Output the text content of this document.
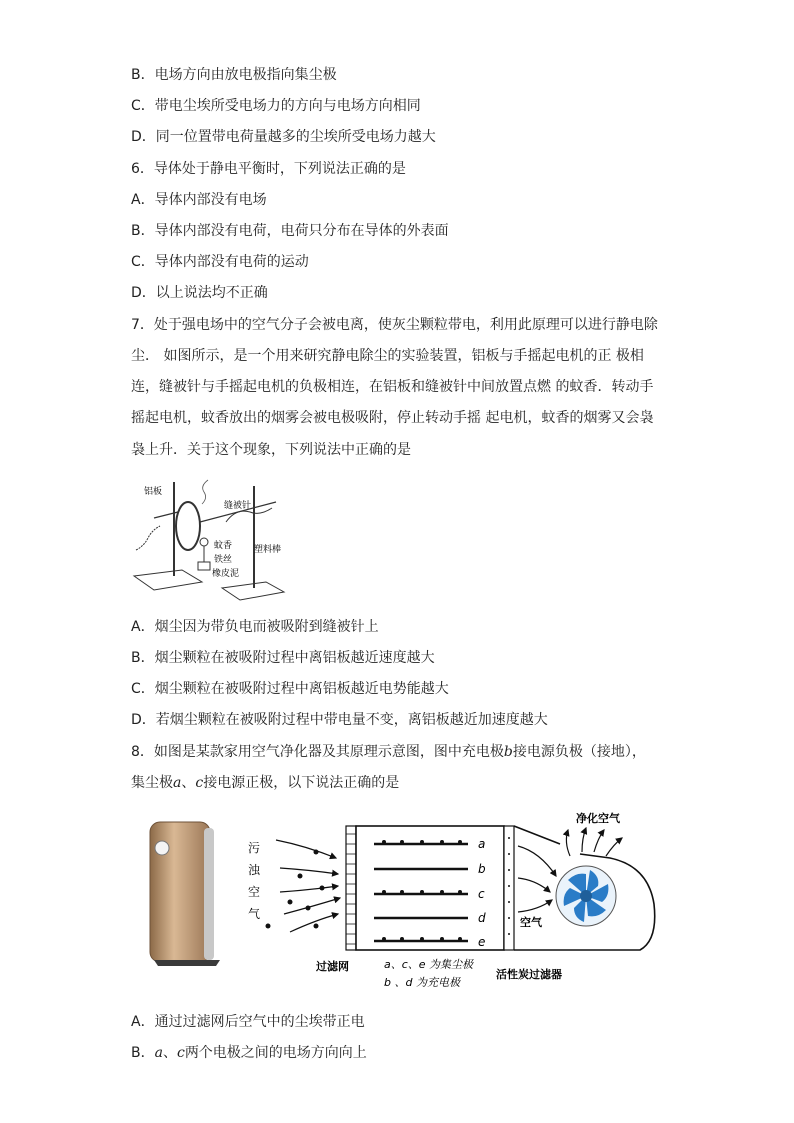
B．电场方向由放电极指向集尘极
C．带电尘埃所受电场力的方向与电场方向相同
D．同一位置带电荷量越多的尘埃所受电场力越大
6．导体处于静电平衡时，下列说法正确的是
A．导体内部没有电场
B．导体内部没有电荷，电荷只分布在导体的外表面
C．导体内部没有电荷的运动
D．以上说法均不正确
7．处于强电场中的空气分子会被电离，使灰尘颗粒带电，利用此原理可以进行静电除
尘． 如图所示，是一个用来研究静电除尘的实验装置，铝板与手摇起电机的正 极相
连，缝被针与手摇起电机的负极相连，在铝板和缝被针中间放置点燃 的蚊香．转动手
摇起电机，蚊香放出的烟雾会被电极吸附，停止转动手摇 起电机，蚊香的烟雾又会袅
袅上升．关于这个现象，下列说法中正确的是
铝板
缝被针
蚊香
铁丝
橡皮泥
塑料棒
A．烟尘因为带负电而被吸附到缝被针上
B．烟尘颗粒在被吸附过程中离铝板越近速度越大
C．烟尘颗粒在被吸附过程中离铝板越近电势能越大
D．若烟尘颗粒在被吸附过程中带电量不变，离铝板越近加速度越大
8．如图是某款家用空气净化器及其原理示意图，图中充电极b接电源负极（接地），
集尘极a、c接电源正极，以下说法正确的是
污
浊
空
气
a
b
c
d
e
净化空气
空气
过滤网	a、c、e 为集尘极
b 、d 为充电极
活性炭过滤器
A．通过过滤网后空气中的尘埃带正电
B．a、c两个电极之间的电场方向向上
